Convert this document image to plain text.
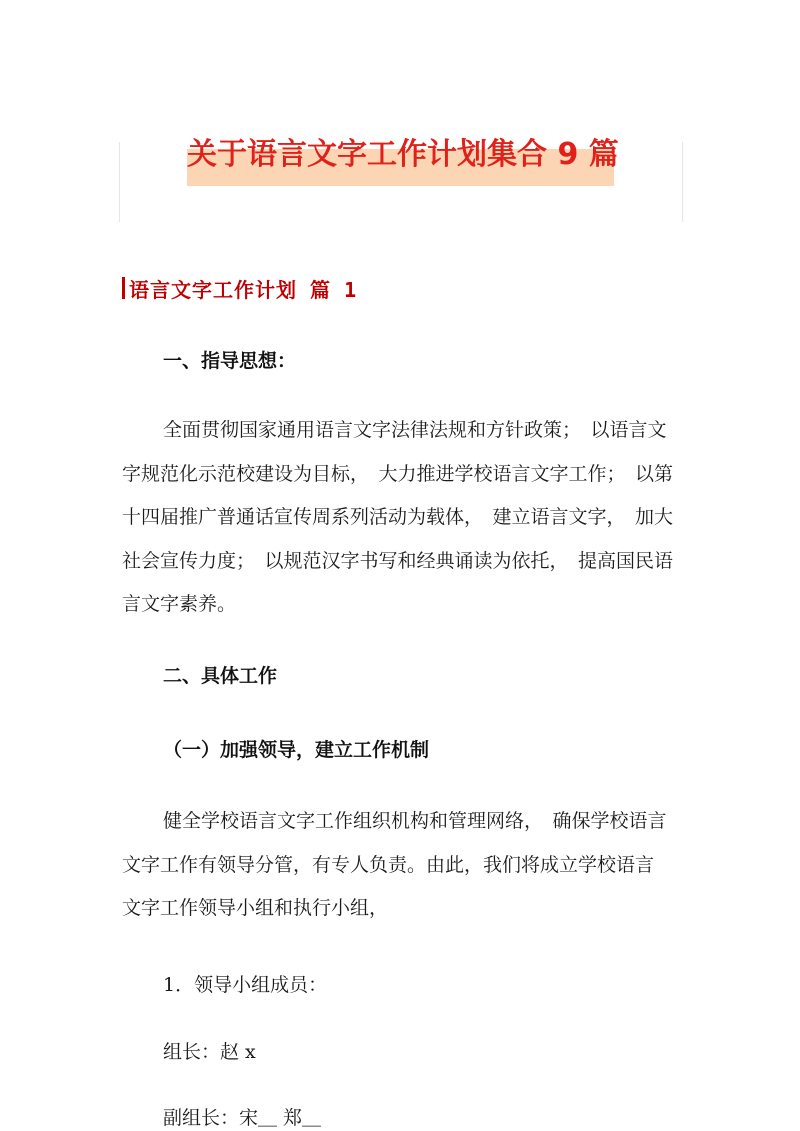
关于语言文字工作计划集合 9 篇
语言文字工作计划 篇 1
一、指导思想：
全面贯彻国家通用语言文字法律法规和方针政策；　以语言文
字规范化示范校建设为目标，　大力推进学校语言文字工作；　以第
十四届推广普通话宣传周系列活动为载体，　建立语言文字，　加大
社会宣传力度；　以规范汉字书写和经典诵读为依托，　提高国民语
言文字素养。
二、具体工作
（一）加强领导，建立工作机制
健全学校语言文字工作组织机构和管理网络，　确保学校语言
文字工作有领导分管，有专人负责。由此，我们将成立学校语言
文字工作领导小组和执行小组，
1．领导小组成员：
组长：赵 x
副组长：宋＿ 郑＿
